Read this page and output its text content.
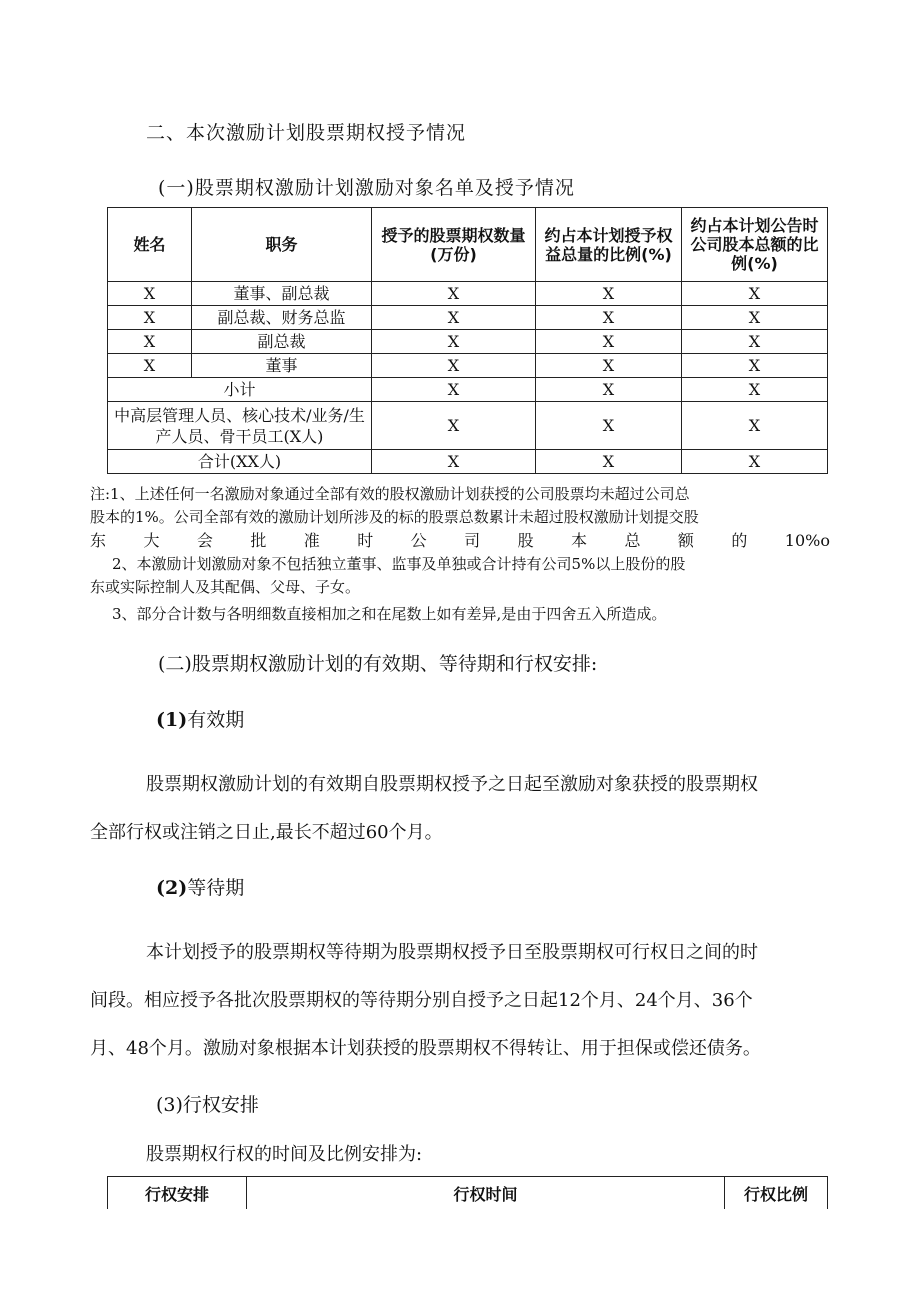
二、本次激励计划股票期权授予情况
(一)股票期权激励计划激励对象名单及授予情况
姓名	职务	授予的股票期权数量(万份)	约占本计划授予权益总量的比例(%)	约占本计划公告时公司股本总额的比例(%)
X	董事、副总裁	X	X	X
X	副总裁、财务总监	X	X	X
X	副总裁	X	X	X
X	董事	X	X	X
小计		X	X	X
中高层管理人员、核心技术/业务/生产人员、骨干员工(X人)		X	X	X
合计(XX人)		X	X	X
注:1、上述任何一名激励对象通过全部有效的股权激励计划获授的公司股票均未超过公司总
股本的1%。公司全部有效的激励计划所涉及的标的股票总数累计未超过股权激励计划提交股
东大会批准时公司股本总额的10%o
2、本激励计划激励对象不包括独立董事、监事及单独或合计持有公司5%以上股份的股
东或实际控制人及其配偶、父母、子女。
3、部分合计数与各明细数直接相加之和在尾数上如有差异,是由于四舍五入所造成。
(二)股票期权激励计划的有效期、等待期和行权安排:
(1)有效期
股票期权激励计划的有效期自股票期权授予之日起至激励对象获授的股票期权
全部行权或注销之日止,最长不超过60个月。
(2)等待期
本计划授予的股票期权等待期为股票期权授予日至股票期权可行权日之间的时
间段。相应授予各批次股票期权的等待期分别自授予之日起12个月、24个月、36个
月、48个月。激励对象根据本计划获授的股票期权不得转让、用于担保或偿还债务。
(3)行权安排
股票期权行权的时间及比例安排为:
行权安排	行权时间	行权比例
